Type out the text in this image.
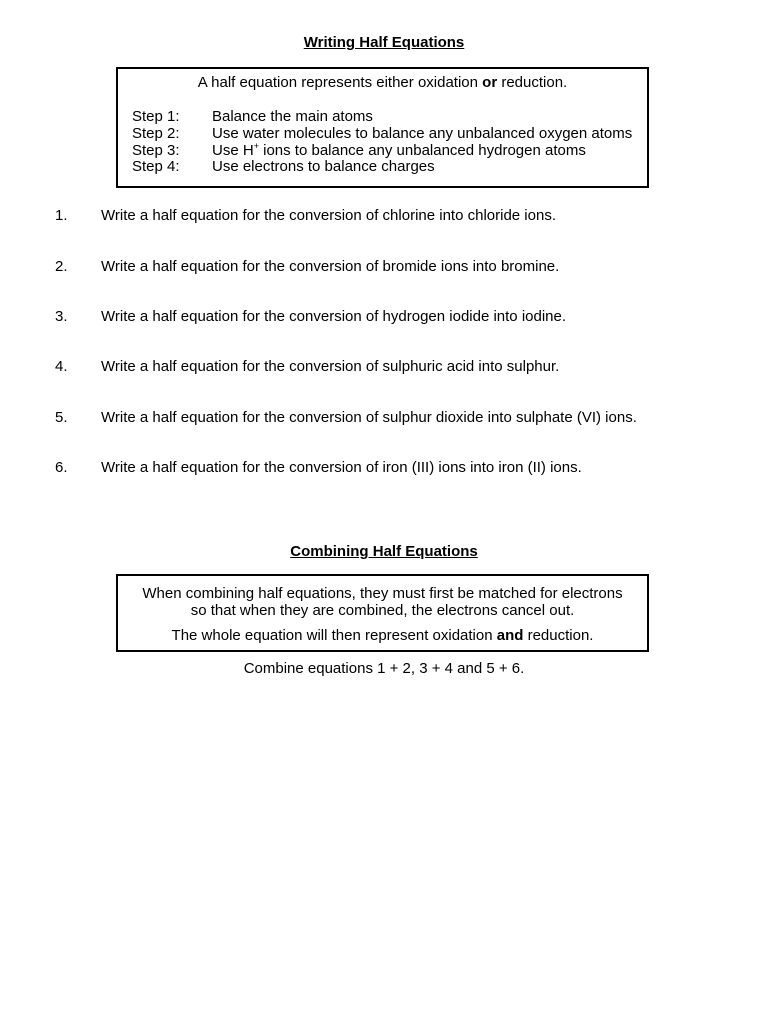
Writing Half Equations
A half equation represents either oxidation or reduction.
Step 1: Balance the main atoms
Step 2: Use water molecules to balance any unbalanced oxygen atoms
Step 3: Use H+ ions to balance any unbalanced hydrogen atoms
Step 4: Use electrons to balance charges
1. Write a half equation for the conversion of chlorine into chloride ions.
2. Write a half equation for the conversion of bromide ions into bromine.
3. Write a half equation for the conversion of hydrogen iodide into iodine.
4. Write a half equation for the conversion of sulphuric acid into sulphur.
5. Write a half equation for the conversion of sulphur dioxide into sulphate (VI) ions.
6. Write a half equation for the conversion of iron (III) ions into iron (II) ions.
Combining Half Equations
When combining half equations, they must first be matched for electrons
so that when they are combined, the electrons cancel out.
The whole equation will then represent oxidation and reduction.
Combine equations 1 + 2, 3 + 4 and 5 + 6.
